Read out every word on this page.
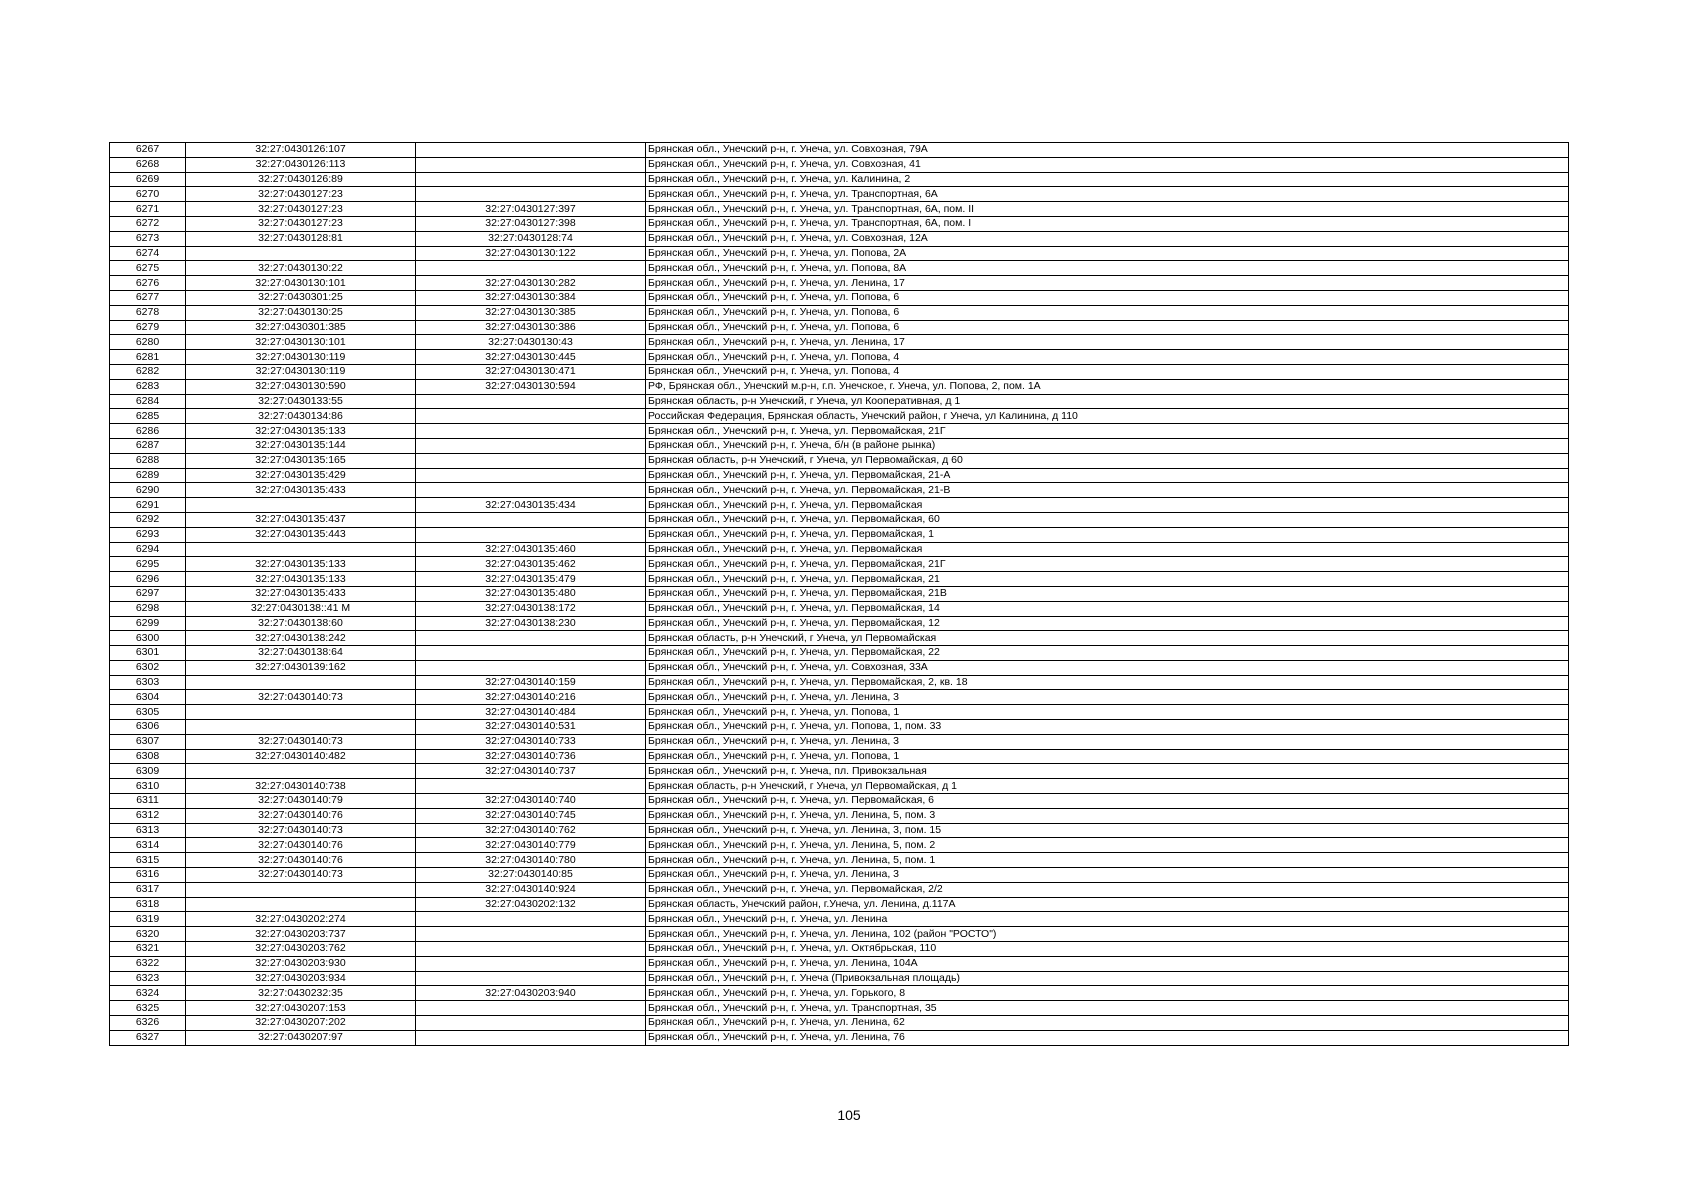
6267	32:27:0430126:107		Брянская обл., Унечский р-н, г. Унеча, ул. Совхозная, 79А
6268	32:27:0430126:113		Брянская обл., Унечский р-н, г. Унеча, ул. Совхозная, 41
6269	32:27:0430126:89		Брянская обл., Унечский р-н, г. Унеча, ул. Калинина, 2
6270	32:27:0430127:23		Брянская обл., Унечский р-н, г. Унеча, ул. Транспортная, 6А
6271	32:27:0430127:23	32:27:0430127:397	Брянская обл., Унечский р-н, г. Унеча, ул. Транспортная, 6А, пом. II
6272	32:27:0430127:23	32:27:0430127:398	Брянская обл., Унечский р-н, г. Унеча, ул. Транспортная, 6А, пом. I
6273	32:27:0430128:81	32:27:0430128:74	Брянская обл., Унечский р-н, г. Унеча, ул. Совхозная, 12А
6274		32:27:0430130:122	Брянская обл., Унечский р-н, г. Унеча, ул. Попова, 2А
6275	32:27:0430130:22		Брянская обл., Унечский р-н, г. Унеча, ул. Попова, 8А
6276	32:27:0430130:101	32:27:0430130:282	Брянская обл., Унечский р-н, г. Унеча, ул. Ленина, 17
6277	32:27:0430301:25	32:27:0430130:384	Брянская обл., Унечский р-н, г. Унеча, ул. Попова, 6
6278	32:27:0430130:25	32:27:0430130:385	Брянская обл., Унечский р-н, г. Унеча, ул. Попова, 6
6279	32:27:0430301:385	32:27:0430130:386	Брянская обл., Унечский р-н, г. Унеча, ул. Попова, 6
6280	32:27:0430130:101	32:27:0430130:43	Брянская обл., Унечский р-н, г. Унеча, ул. Ленина, 17
6281	32:27:0430130:119	32:27:0430130:445	Брянская обл., Унечский р-н, г. Унеча, ул. Попова, 4
6282	32:27:0430130:119	32:27:0430130:471	Брянская обл., Унечский р-н, г. Унеча, ул. Попова, 4
6283	32:27:0430130:590	32:27:0430130:594	РФ, Брянская обл., Унечский м.р-н, г.п. Унечское, г. Унеча, ул. Попова, 2, пом. 1А
6284	32:27:0430133:55		Брянская область, р-н Унечский, г Унеча, ул Кооперативная, д 1
6285	32:27:0430134:86		Российская Федерация, Брянская область, Унечский район, г Унеча, ул Калинина, д 110
6286	32:27:0430135:133		Брянская обл., Унечский р-н, г. Унеча, ул. Первомайская, 21Г
6287	32:27:0430135:144		Брянская обл., Унечский р-н, г. Унеча, б/н (в районе рынка)
6288	32:27:0430135:165		Брянская область, р-н Унечский, г Унеча, ул Первомайская, д 60
6289	32:27:0430135:429		Брянская обл., Унечский р-н, г. Унеча, ул. Первомайская, 21-А
6290	32:27:0430135:433		Брянская обл., Унечский р-н, г. Унеча, ул. Первомайская, 21-В
6291		32:27:0430135:434	Брянская обл., Унечский р-н, г. Унеча, ул. Первомайская
6292	32:27:0430135:437		Брянская обл., Унечский р-н, г. Унеча, ул. Первомайская, 60
6293	32:27:0430135:443		Брянская обл., Унечский р-н, г. Унеча, ул. Первомайская, 1
6294		32:27:0430135:460	Брянская обл., Унечский р-н, г. Унеча, ул. Первомайская
6295	32:27:0430135:133	32:27:0430135:462	Брянская обл., Унечский р-н, г. Унеча, ул. Первомайская, 21Г
6296	32:27:0430135:133	32:27:0430135:479	Брянская обл., Унечский р-н, г. Унеча, ул. Первомайская, 21
6297	32:27:0430135:433	32:27:0430135:480	Брянская обл., Унечский р-н, г. Унеча, ул. Первомайская, 21В
6298	32:27:0430138::41 М	32:27:0430138:172	Брянская обл., Унечский р-н, г. Унеча, ул. Первомайская, 14
6299	32:27:0430138:60	32:27:0430138:230	Брянская обл., Унечский р-н, г. Унеча, ул. Первомайская, 12
6300	32:27:0430138:242		Брянская область, р-н Унечский, г Унеча, ул Первомайская
6301	32:27:0430138:64		Брянская обл., Унечский р-н, г. Унеча, ул. Первомайская, 22
6302	32:27:0430139:162		Брянская обл., Унечский р-н, г. Унеча, ул. Совхозная, 33А
6303		32:27:0430140:159	Брянская обл., Унечский р-н, г. Унеча, ул. Первомайская, 2, кв. 18
6304	32:27:0430140:73	32:27:0430140:216	Брянская обл., Унечский р-н, г. Унеча, ул. Ленина, 3
6305		32:27:0430140:484	Брянская обл., Унечский р-н, г. Унеча, ул. Попова, 1
6306		32:27:0430140:531	Брянская обл., Унечский р-н, г. Унеча, ул. Попова, 1, пом. 33
6307	32:27:0430140:73	32:27:0430140:733	Брянская обл., Унечский р-н, г. Унеча, ул. Ленина, 3
6308	32:27:0430140:482	32:27:0430140:736	Брянская обл., Унечский р-н, г. Унеча, ул. Попова, 1
6309		32:27:0430140:737	Брянская обл., Унечский р-н, г. Унеча, пл. Привокзальная
6310	32:27:0430140:738		Брянская область, р-н Унечский, г Унеча, ул Первомайская, д 1
6311	32:27:0430140:79	32:27:0430140:740	Брянская обл., Унечский р-н, г. Унеча, ул. Первомайская, 6
6312	32:27:0430140:76	32:27:0430140:745	Брянская обл., Унечский р-н, г. Унеча, ул. Ленина, 5, пом. 3
6313	32:27:0430140:73	32:27:0430140:762	Брянская обл., Унечский р-н, г. Унеча, ул. Ленина, 3, пом. 15
6314	32:27:0430140:76	32:27:0430140:779	Брянская обл., Унечский р-н, г. Унеча, ул. Ленина, 5, пом. 2
6315	32:27:0430140:76	32:27:0430140:780	Брянская обл., Унечский р-н, г. Унеча, ул. Ленина, 5, пом. 1
6316	32:27:0430140:73	32:27:0430140:85	Брянская обл., Унечский р-н, г. Унеча, ул. Ленина, 3
6317		32:27:0430140:924	Брянская обл., Унечский р-н, г. Унеча, ул. Первомайская, 2/2
6318		32:27:0430202:132	Брянская область, Унечский район, г.Унеча, ул. Ленина, д.117А
6319	32:27:0430202:274		Брянская обл., Унечский р-н, г. Унеча, ул. Ленина
6320	32:27:0430203:737		Брянская обл., Унечский р-н, г. Унеча, ул. Ленина, 102 (район "РОСТО")
6321	32:27:0430203:762		Брянская обл., Унечский р-н, г. Унеча, ул. Октябрьская, 110
6322	32:27:0430203:930		Брянская обл., Унечский р-н, г. Унеча, ул. Ленина, 104А
6323	32:27:0430203:934		Брянская обл., Унечский р-н, г. Унеча (Привокзальная площадь)
6324	32:27:0430232:35	32:27:0430203:940	Брянская обл., Унечский р-н, г. Унеча, ул. Горького, 8
6325	32:27:0430207:153		Брянская обл., Унечский р-н, г. Унеча, ул. Транспортная, 35
6326	32:27:0430207:202		Брянская обл., Унечский р-н, г. Унеча, ул. Ленина, 62
6327	32:27:0430207:97		Брянская обл., Унечский р-н, г. Унеча, ул. Ленина, 76
105
